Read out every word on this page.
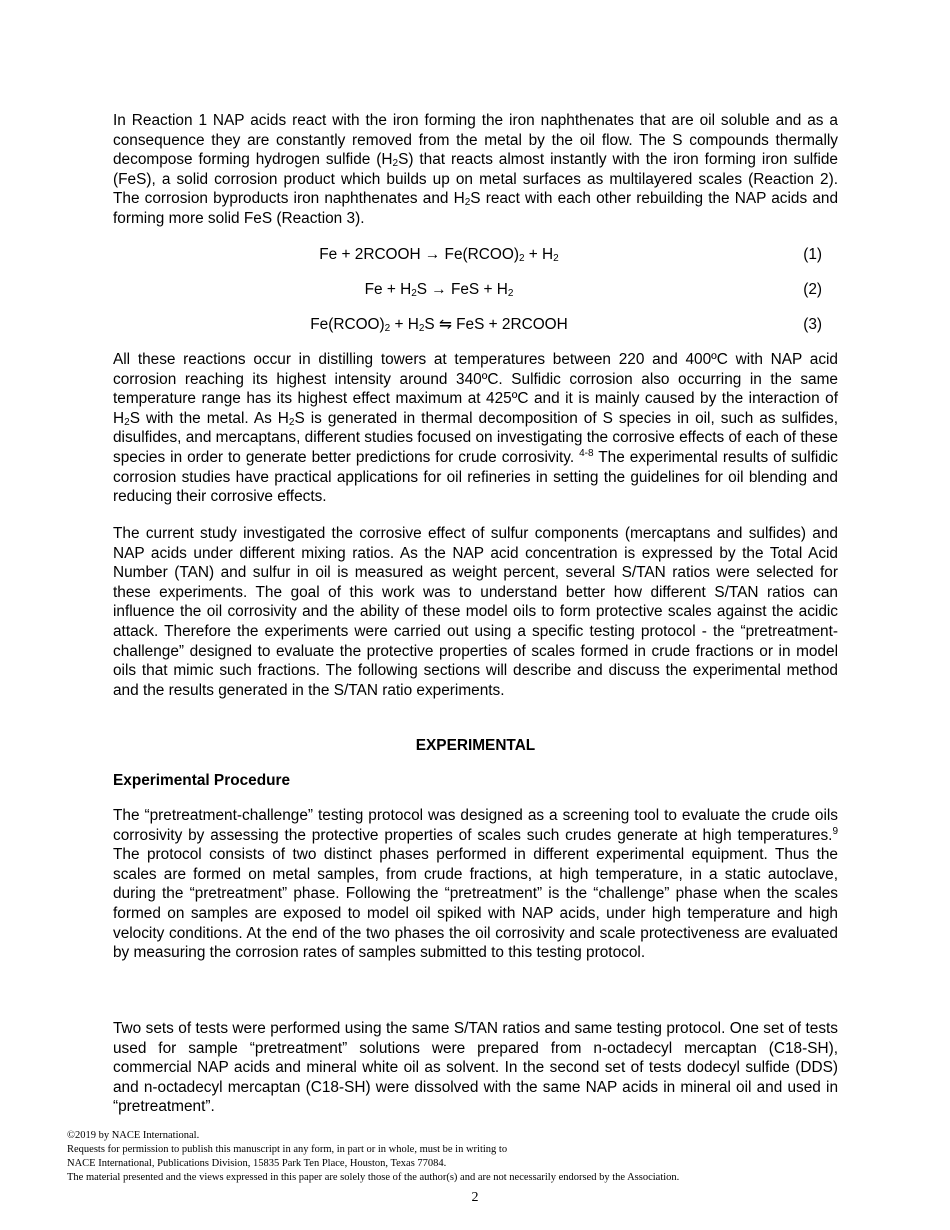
In Reaction 1 NAP acids react with the iron forming the iron naphthenates that are oil soluble and as a consequence they are constantly removed from the metal by the oil flow. The S compounds thermally decompose forming hydrogen sulfide $(H_2S)$ that reacts almost instantly with the iron forming iron sulfide (FeS), a solid corrosion product which builds up on metal surfaces as multilayered scales (Reaction 2). The corrosion byproducts iron naphthenates and $H_2S$ react with each other rebuilding the NAP acids and forming more solid FeS (Reaction 3).

Fe + 2RCOOH → $Fe(RCOO)_2 + H_2$	(1)
$Fe + H_2S$ → FeS + $H_2$	(2)
$Fe(RCOO)_2 + H_2S$ ⇋ FeS + 2RCOOH	(3)

All these reactions occur in distilling towers at temperatures between 220 and 400ºC with NAP acid corrosion reaching its highest intensity around 340ºC. Sulfidic corrosion also occurring in the same temperature range has its highest effect maximum at 425ºC and it is mainly caused by the interaction of $H_2S$ with the metal. As $H_2S$ is generated in thermal decomposition of S species in oil, such as sulfides, disulfides, and mercaptans, different studies focused on investigating the corrosive effects of each of these species in order to generate better predictions for crude corrosivity. $^{4-8}$ The experimental results of sulfidic corrosion studies have practical applications for oil refineries in setting the guidelines for oil blending and reducing their corrosive effects.

The current study investigated the corrosive effect of sulfur components (mercaptans and sulfides) and NAP acids under different mixing ratios. As the NAP acid concentration is expressed by the Total Acid Number (TAN) and sulfur in oil is measured as weight percent, several S/TAN ratios were selected for these experiments. The goal of this work was to understand better how different S/TAN ratios can influence the oil corrosivity and the ability of these model oils to form protective scales against the acidic attack. Therefore the experiments were carried out using a specific testing protocol - the “pretreatment-challenge” designed to evaluate the protective properties of scales formed in crude fractions or in model oils that mimic such fractions. The following sections will describe and discuss the experimental method and the results generated in the S/TAN ratio experiments.

EXPERIMENTAL
Experimental Procedure

The “pretreatment-challenge” testing protocol was designed as a screening tool to evaluate the crude oils corrosivity by assessing the protective properties of scales such crudes generate at high temperatures.$^9$ The protocol consists of two distinct phases performed in different experimental equipment. Thus the scales are formed on metal samples, from crude fractions, at high temperature, in a static autoclave, during the “pretreatment” phase. Following the “pretreatment” is the “challenge” phase when the scales formed on samples are exposed to model oil spiked with NAP acids, under high temperature and high velocity conditions. At the end of the two phases the oil corrosivity and scale protectiveness are evaluated by measuring the corrosion rates of samples submitted to this testing protocol.

Two sets of tests were performed using the same S/TAN ratios and same testing protocol. One set of tests used for sample “pretreatment” solutions were prepared from n-octadecyl mercaptan (C18-SH), commercial NAP acids and mineral white oil as solvent. In the second set of tests dodecyl sulfide (DDS) and n-octadecyl mercaptan (C18-SH) were dissolved with the same NAP acids in mineral oil and used in “pretreatment”.

©2019 by NACE International.
Requests for permission to publish this manuscript in any form, in part or in whole, must be in writing to
NACE International, Publications Division, 15835 Park Ten Place, Houston, Texas 77084.
The material presented and the views expressed in this paper are solely those of the author(s) and are not necessarily endorsed by the Association.
2
